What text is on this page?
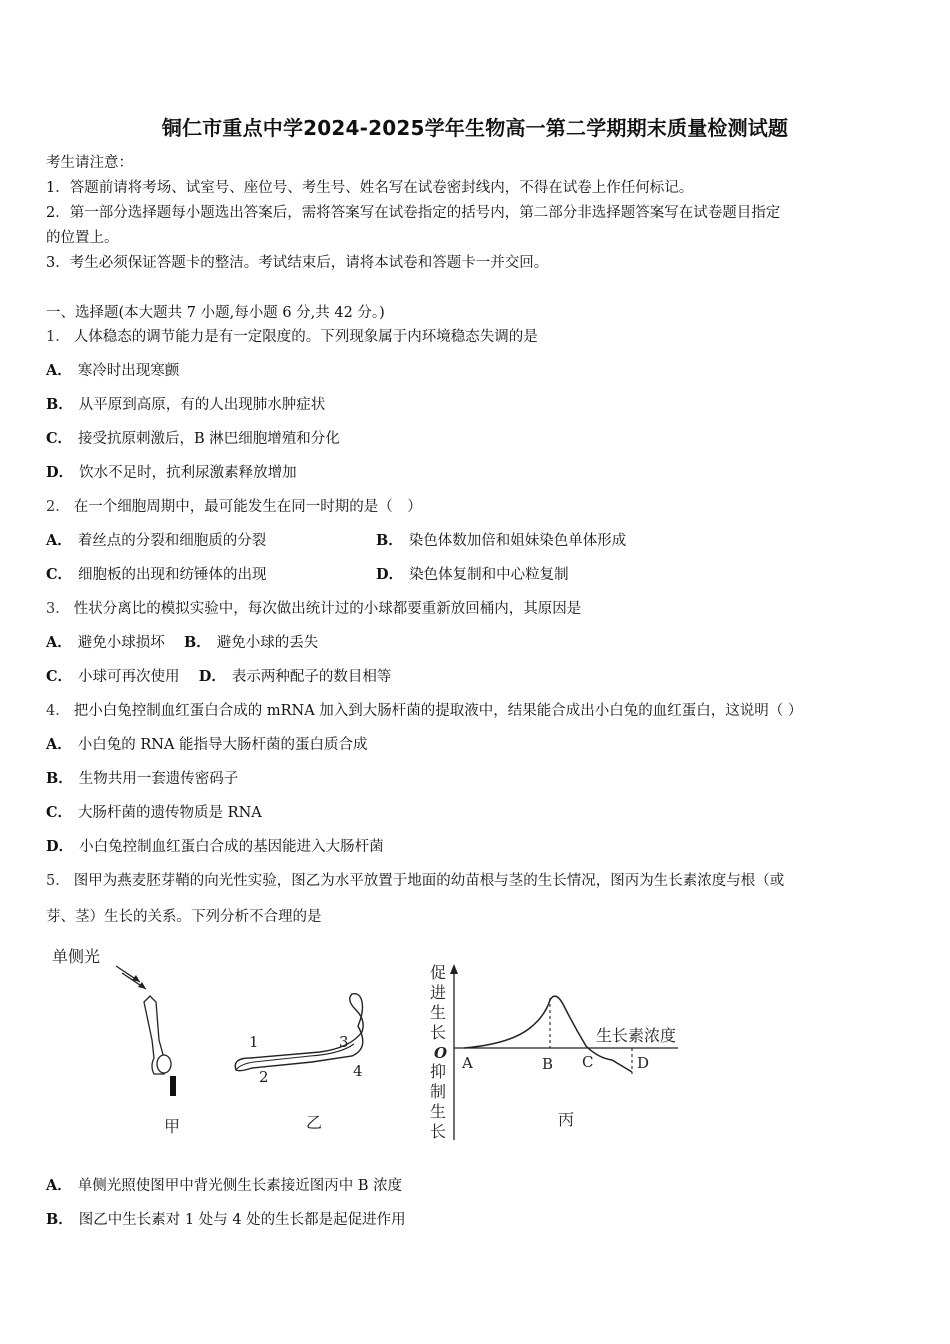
铜仁市重点中学2024-2025学年生物高一第二学期期末质量检测试题
考生请注意：
1．答题前请将考场、试室号、座位号、考生号、姓名写在试卷密封线内，不得在试卷上作任何标记。
2．第一部分选择题每小题选出答案后，需将答案写在试卷指定的括号内，第二部分非选择题答案写在试卷题目指定
的位置上。
3．考生必须保证答题卡的整洁。考试结束后，请将本试卷和答题卡一并交回。
一、选择题(本大题共 7 小题,每小题 6 分,共 42 分。)
1． 人体稳态的调节能力是有一定限度的。下列现象属于内环境稳态失调的是
A． 寒冷时出现寒颤
B． 从平原到高原，有的人出现肺水肿症状
C． 接受抗原刺激后，B 淋巴细胞增殖和分化
D． 饮水不足时，抗利尿激素释放增加
2． 在一个细胞周期中，最可能发生在同一时期的是（　）
A． 着丝点的分裂和细胞质的分裂	B． 染色体数加倍和姐妹染色单体形成
C． 细胞板的出现和纺锤体的出现	D． 染色体复制和中心粒复制
3． 性状分离比的模拟实验中，每次做出统计过的小球都要重新放回桶内，其原因是
A． 避免小球损坏 B． 避免小球的丢失
C． 小球可再次使用 D． 表示两种配子的数目相等
4． 把小白兔控制血红蛋白合成的 mRNA 加入到大肠杆菌的提取液中，结果能合成出小白兔的血红蛋白，这说明（ ）
A． 小白兔的 RNA 能指导大肠杆菌的蛋白质合成
B． 生物共用一套遗传密码子
C． 大肠杆菌的遗传物质是 RNA
D． 小白兔控制血红蛋白合成的基因能进入大肠杆菌
5． 图甲为燕麦胚芽鞘的向光性实验，图乙为水平放置于地面的幼苗根与茎的生长情况，图丙为生长素浓度与根（或
芽、茎）生长的关系。下列分析不合理的是
单侧光
甲
1
2
3
4
乙
促
进
生
长
O
抑
制
生
长
A	B C	D
生长素浓度
丙
A． 单侧光照使图甲中背光侧生长素接近图丙中 B 浓度
B． 图乙中生长素对 1 处与 4 处的生长都是起促进作用
